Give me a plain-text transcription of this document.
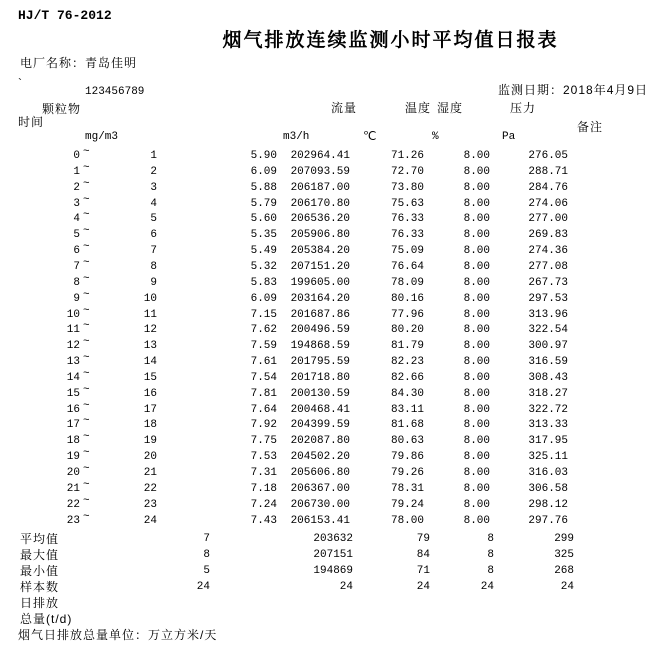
HJ/T 76-2012
烟气排放连续监测小时平均值日报表
电厂名称：青岛佳明
`
123456789	监测日期：2018年4月9日
颗粒物	流量	温度 湿度	压力
时间	备注
mg/m3	m3/h	℃	%	Pa
0 ~	1	5.90	202964.41	71.26	8.00	276.05
1 ~	2	6.09	207093.59	72.70	8.00	288.71
2 ~	3	5.88	206187.00	73.80	8.00	284.76
3 ~	4	5.79	206170.80	75.63	8.00	274.06
4 ~	5	5.60	206536.20	76.33	8.00	277.00
5 ~	6	5.35	205906.80	76.33	8.00	269.83
6 ~	7	5.49	205384.20	75.09	8.00	274.36
7 ~	8	5.32	207151.20	76.64	8.00	277.08
8 ~	9	5.83	199605.00	78.09	8.00	267.73
9 ~	10	6.09	203164.20	80.16	8.00	297.53
10 ~	11	7.15	201687.86	77.96	8.00	313.96
11 ~	12	7.62	200496.59	80.20	8.00	322.54
12 ~	13	7.59	194868.59	81.79	8.00	300.97
13 ~	14	7.61	201795.59	82.23	8.00	316.59
14 ~	15	7.54	201718.80	82.66	8.00	308.43
15 ~	16	7.81	200130.59	84.30	8.00	318.27
16 ~	17	7.64	200468.41	83.11	8.00	322.72
17 ~	18	7.92	204399.59	81.68	8.00	313.33
18 ~	19	7.75	202087.80	80.63	8.00	317.95
19 ~	20	7.53	204502.20	79.86	8.00	325.11
20 ~	21	7.31	205606.80	79.26	8.00	316.03
21 ~	22	7.18	206367.00	78.31	8.00	306.58
22 ~	23	7.24	206730.00	79.24	8.00	298.12
23 ~	24	7.43	206153.41	78.00	8.00	297.76
平均值	7	203632	79	8	299
最大值	8	207151	84	8	325
最小值	5	194869	71	8	268
样本数	24	24	24	24	24
日排放
总量(t/d)
烟气日排放总量单位：万立方米/天
